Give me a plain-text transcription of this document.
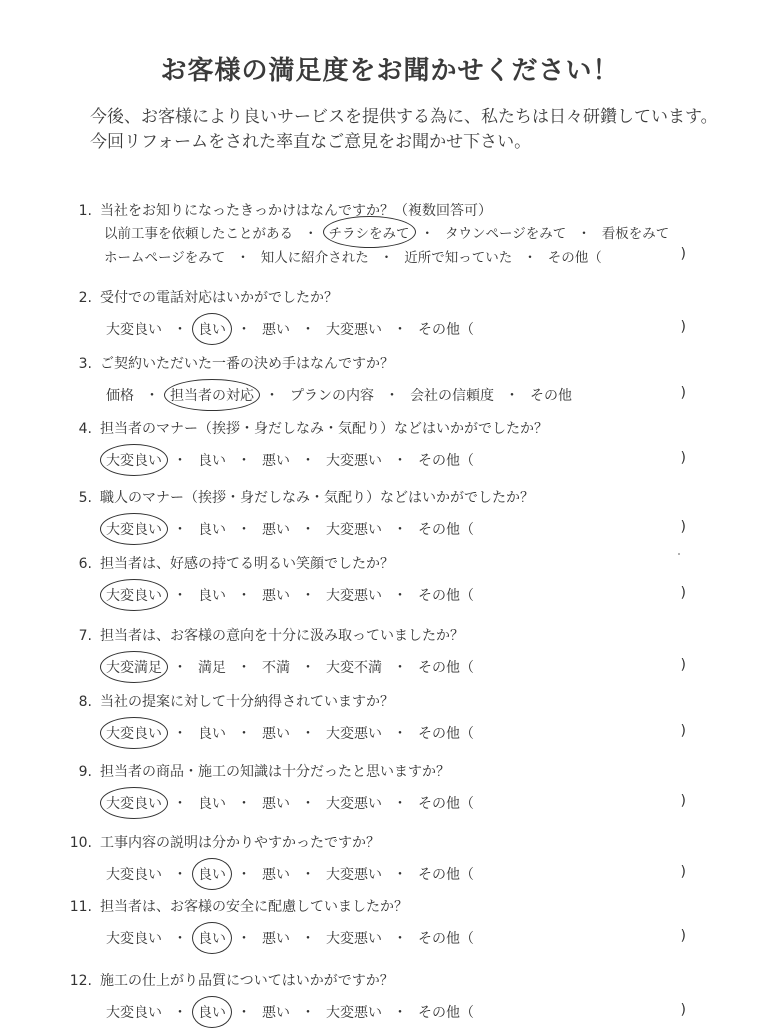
お客様の満足度をお聞かせください！
今後、お客様により良いサービスを提供する為に、私たちは日々研鑽しています。今回リフォームをされた率直なご意見をお聞かせ下さい。
1. 当社をお知りになったきっかけはなんですか？（複数回答可）
以前工事を依頼したことがある ・ チラシをみて ・ タウンページをみて ・ 看板をみて
ホームページをみて ・ 知人に紹介された ・ 近所で知っていた ・ その他（	)
2. 受付での電話対応はいかがでしたか？
大変良い ・ 良い ・ 悪い ・ 大変悪い ・ その他（	)
3. ご契約いただいた一番の決め手はなんですか？
価格 ・ 担当者の対応 ・ プランの内容 ・ 会社の信頼度 ・ その他	)
4. 担当者のマナー（挨拶・身だしなみ・気配り）などはいかがでしたか？
大変良い ・ 良い ・ 悪い ・ 大変悪い ・ その他（	)
5. 職人のマナー（挨拶・身だしなみ・気配り）などはいかがでしたか？
大変良い ・ 良い ・ 悪い ・ 大変悪い ・ その他（	)
6. 担当者は、好感の持てる明るい笑顔でしたか？
大変良い ・ 良い ・ 悪い ・ 大変悪い ・ その他（	)
7. 担当者は、お客様の意向を十分に汲み取っていましたか？
大変満足 ・ 満足 ・ 不満 ・ 大変不満 ・ その他（	)
8. 当社の提案に対して十分納得されていますか？
大変良い ・ 良い ・ 悪い ・ 大変悪い ・ その他（	)
9. 担当者の商品・施工の知識は十分だったと思いますか？
大変良い ・ 良い ・ 悪い ・ 大変悪い ・ その他（	)
10. 工事内容の説明は分かりやすかったですか？
大変良い ・ 良い ・ 悪い ・ 大変悪い ・ その他（	)
11. 担当者は、お客様の安全に配慮していましたか？
大変良い ・ 良い ・ 悪い ・ 大変悪い ・ その他（	)
12. 施工の仕上がり品質についてはいかがですか？
大変良い ・ 良い ・ 悪い ・ 大変悪い ・ その他（	)
